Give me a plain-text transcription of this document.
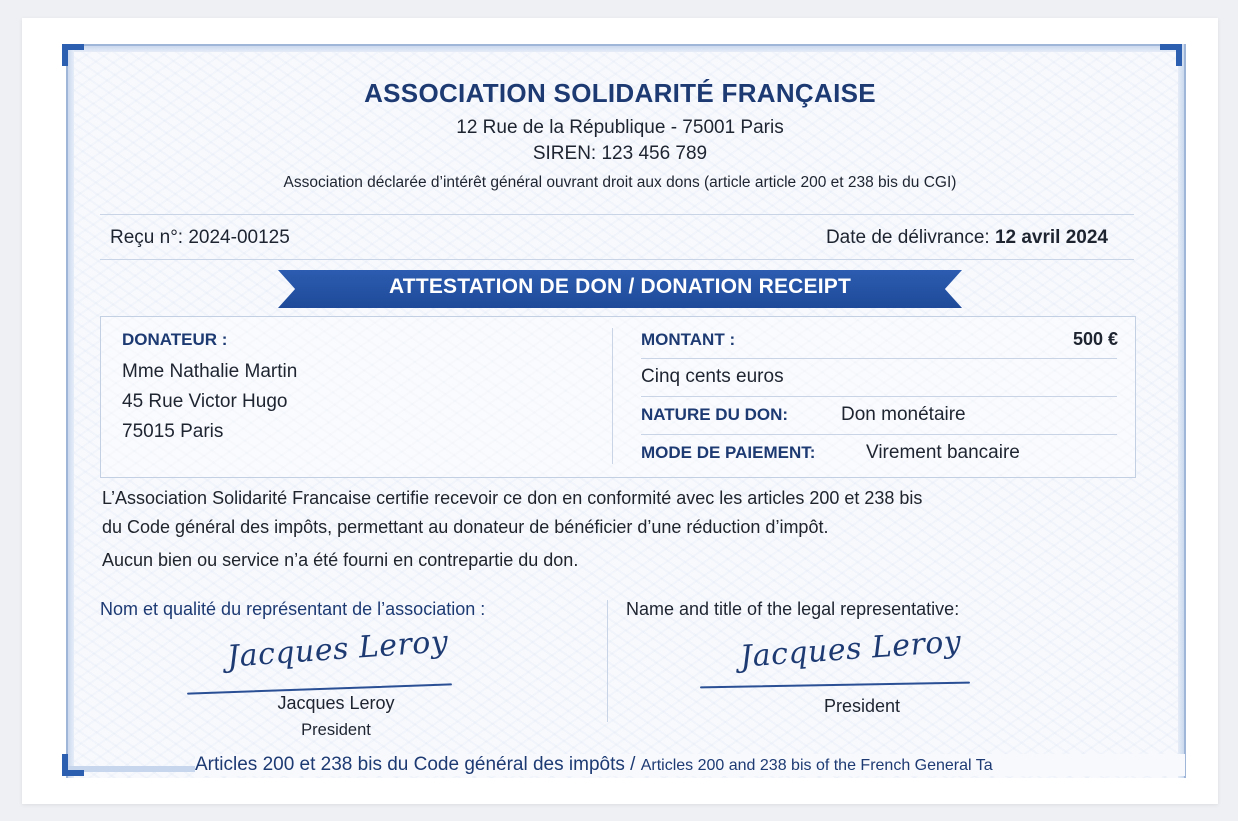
ASSOCIATION SOLIDARITÉ FRANÇAISE
12 Rue de la République - 75001 Paris
SIREN: 123 456 789
Association déclarée d’intérêt général ouvrant droit aux dons (article article 200 et 238 bis du CGI)
Reçu n°: 2024-00125	Date de délivrance: 12 avril 2024
ATTESTATION DE DON / DONATION RECEIPT
DONATEUR :
Mme Nathalie Martin
45 Rue Victor Hugo
75015 Paris
MONTANT :	500 €
Cinq cents euros
NATURE DU DON:	Don monétaire
MODE DE PAIEMENT:	Virement bancaire
L’Association Solidarité Francaise certifie recevoir ce don en conformité avec les articles 200 et 238 bis
du Code général des impôts, permettant au donateur de bénéficier d’une réduction d’impôt.
Aucun bien ou service n’a été fourni en contrepartie du don.
Nom et qualité du représentant de l’association :	Name and title of the legal representative:
Jacques Leroy
Jacques Leroy
President
Jacques Leroy
President
Articles 200 et 238 bis du Code général des impôts / Articles 200 and 238 bis of the French General Ta
